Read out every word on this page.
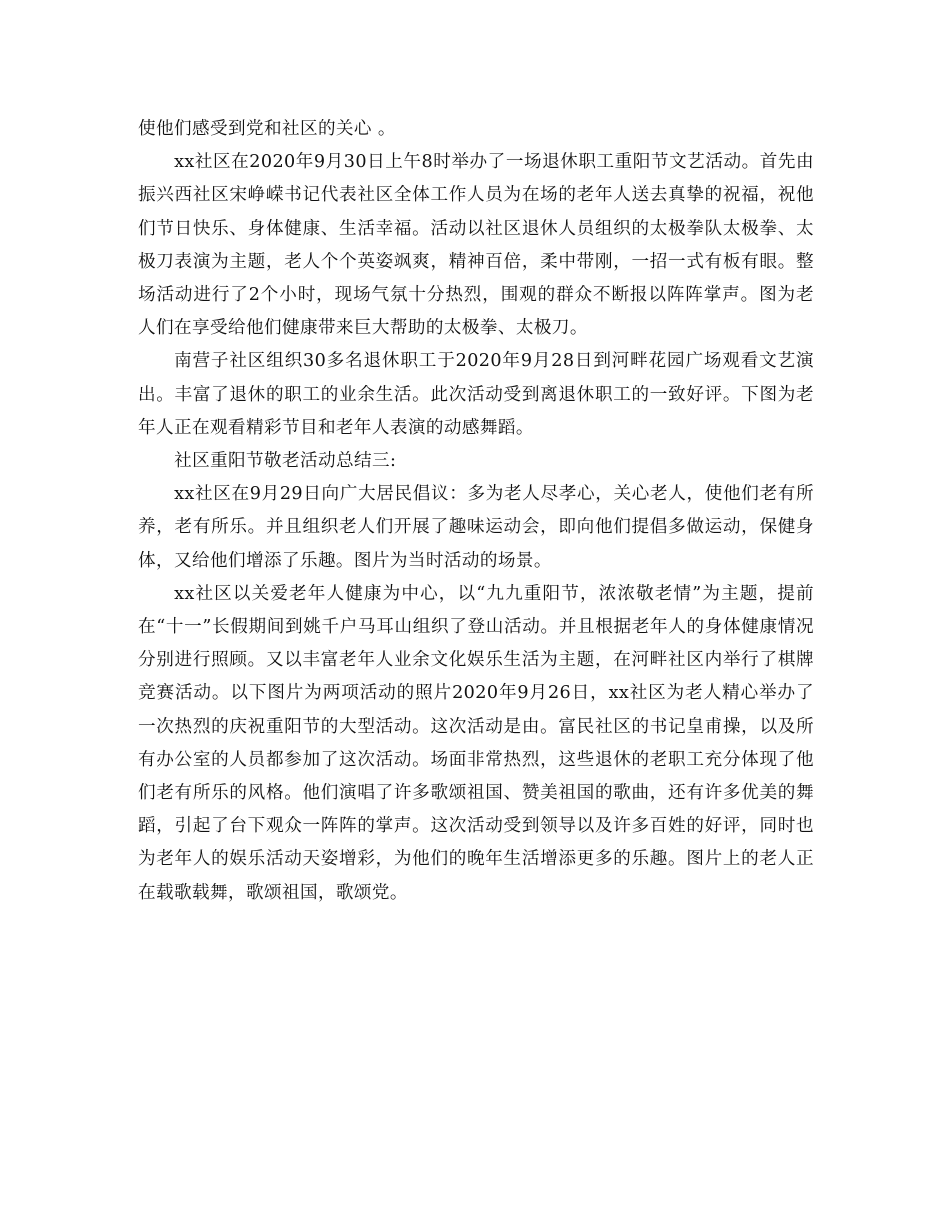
使他们感受到党和社区的关心 。

xx社区在2020年9月30日上午8时举办了一场退休职工重阳节文艺活动。首先由振兴西社区宋峥嵘书记代表社区全体工作人员为在场的老年人送去真挚的祝福，祝他们节日快乐、身体健康、生活幸福。活动以社区退休人员组织的太极拳队太极拳、太极刀表演为主题，老人个个英姿飒爽，精神百倍，柔中带刚，一招一式有板有眼。整场活动进行了2个小时，现场气氛十分热烈，围观的群众不断报以阵阵掌声。图为老人们在享受给他们健康带来巨大帮助的太极拳、太极刀。

南营子社区组织30多名退休职工于2020年9月28日到河畔花园广场观看文艺演出。丰富了退休的职工的业余生活。此次活动受到离退休职工的一致好评。下图为老年人正在观看精彩节目和老年人表演的动感舞蹈。

社区重阳节敬老活动总结三:

xx社区在9月29日向广大居民倡议：多为老人尽孝心，关心老人，使他们老有所养，老有所乐。并且组织老人们开展了趣味运动会，即向他们提倡多做运动，保健身体，又给他们增添了乐趣。图片为当时活动的场景。

xx社区以关爱老年人健康为中心，以“九九重阳节，浓浓敬老情”为主题，提前在“十一”长假期间到姚千户马耳山组织了登山活动。并且根据老年人的身体健康情况分别进行照顾。又以丰富老年人业余文化娱乐生活为主题，在河畔社区内举行了棋牌竞赛活动。以下图片为两项活动的照片2020年9月26日，xx社区为老人精心举办了一次热烈的庆祝重阳节的大型活动。这次活动是由。富民社区的书记皇甫操，以及所有办公室的人员都参加了这次活动。场面非常热烈，这些退休的老职工充分体现了他们老有所乐的风格。他们演唱了许多歌颂祖国、赞美祖国的歌曲，还有许多优美的舞蹈，引起了台下观众一阵阵的掌声。这次活动受到领导以及许多百姓的好评，同时也为老年人的娱乐活动天姿增彩，为他们的晚年生活增添更多的乐趣。图片上的老人正在载歌载舞，歌颂祖国，歌颂党。
